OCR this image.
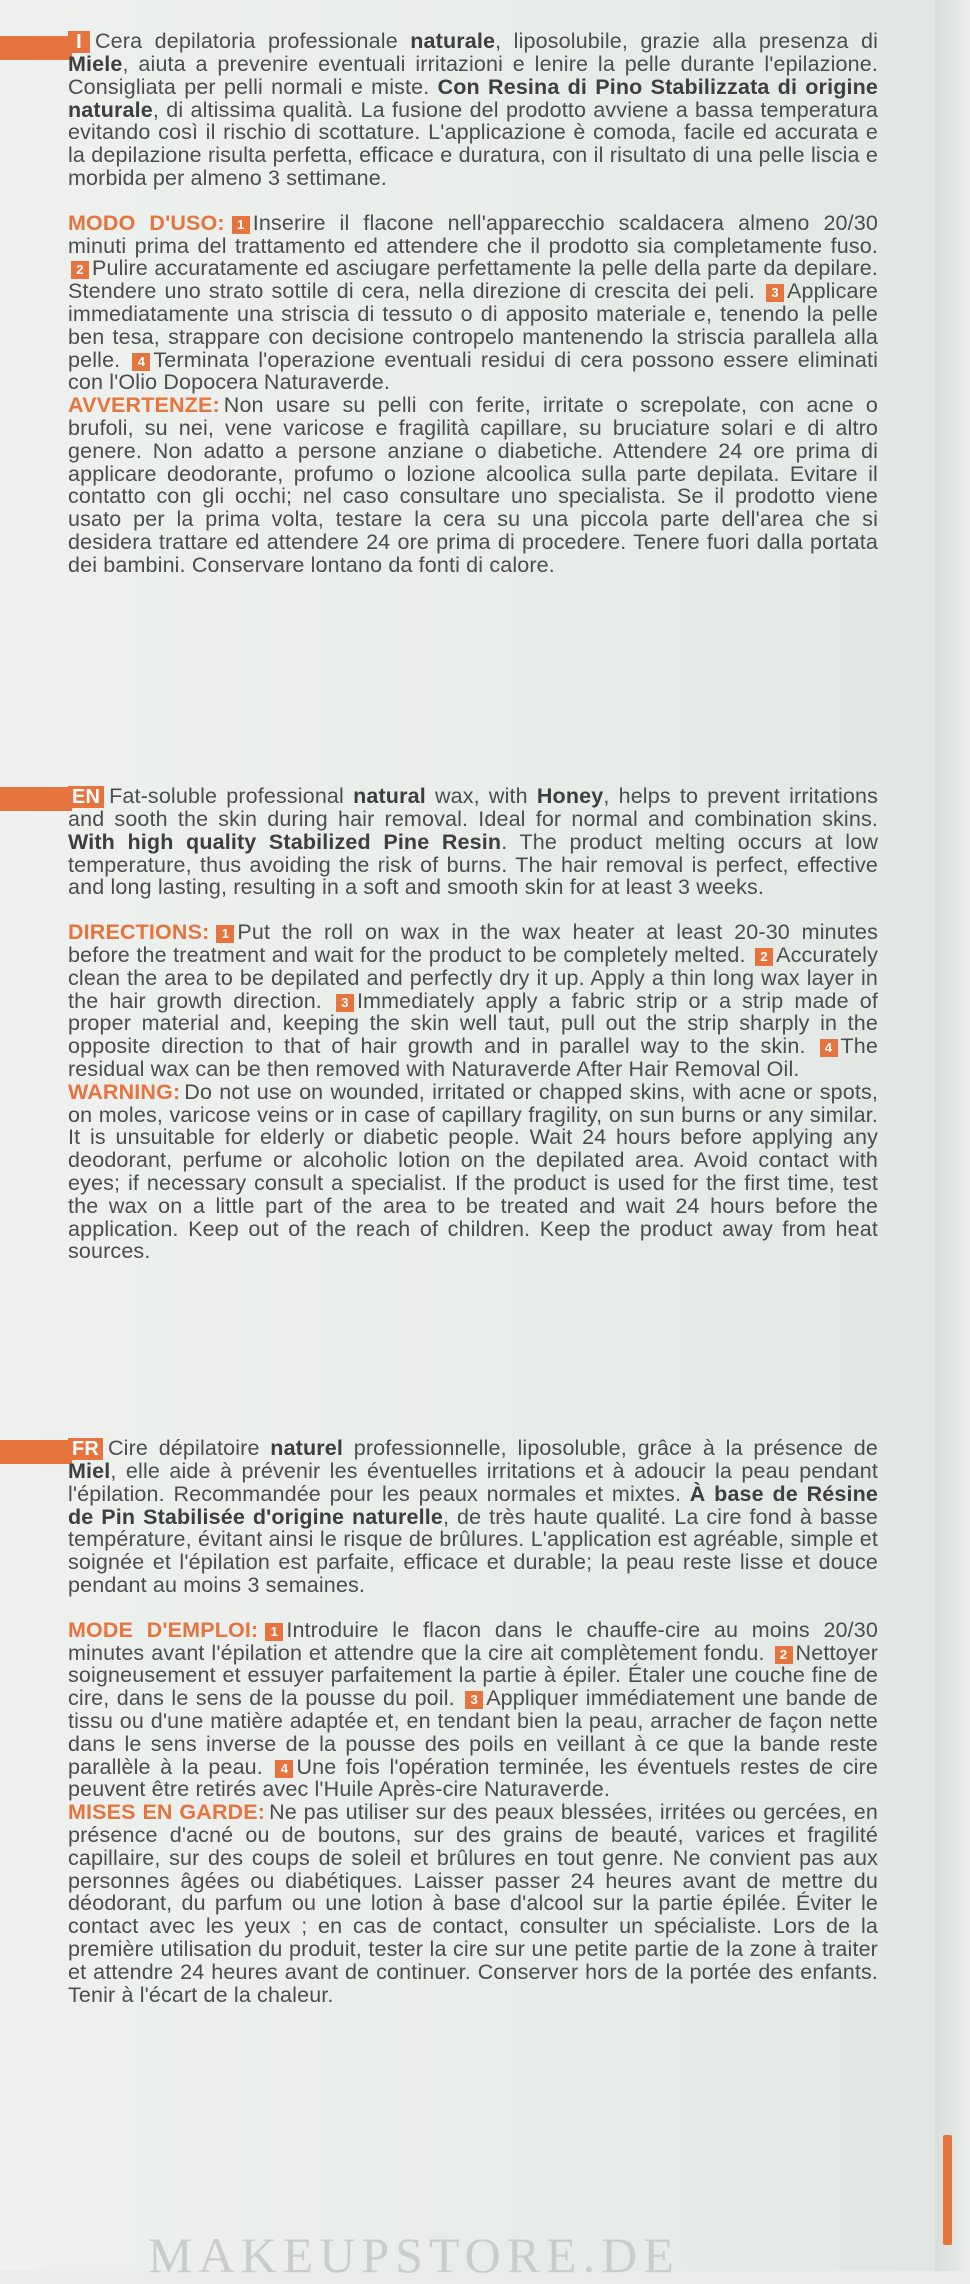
I Cera depilatoria professionale naturale, liposolubile, grazie alla presenza di Miele, aiuta a prevenire eventuali irritazioni e lenire la pelle durante l'epilazione. Consigliata per pelli normali e miste. Con Resina di Pino Stabilizzata di origine naturale, di altissima qualità. La fusione del prodotto avviene a bassa temperatura evitando così il rischio di scottature. L'applicazione è comoda, facile ed accurata e la depilazione risulta perfetta, efficace e duratura, con il risultato di una pelle liscia e morbida per almeno 3 settimane.

MODO D'USO: 1 Inserire il flacone nell'apparecchio scaldacera almeno 20/30 minuti prima del trattamento ed attendere che il prodotto sia completamente fuso. 2 Pulire accuratamente ed asciugare perfettamente la pelle della parte da depilare. Stendere uno strato sottile di cera, nella direzione di crescita dei peli. 3 Applicare immediatamente una striscia di tessuto o di apposito materiale e, tenendo la pelle ben tesa, strappare con decisione contropelo mantenendo la striscia parallela alla pelle. 4 Terminata l'operazione eventuali residui di cera possono essere eliminati con l'Olio Dopocera Naturaverde.

AVVERTENZE: Non usare su pelli con ferite, irritate o screpolate, con acne o brufoli, su nei, vene varicose e fragilità capillare, su bruciature solari e di altro genere. Non adatto a persone anziane o diabetiche. Attendere 24 ore prima di applicare deodorante, profumo o lozione alcoolica sulla parte depilata. Evitare il contatto con gli occhi; nel caso consultare uno specialista. Se il prodotto viene usato per la prima volta, testare la cera su una piccola parte dell'area che si desidera trattare ed attendere 24 ore prima di procedere. Tenere fuori dalla portata dei bambini. Conservare lontano da fonti di calore.

EN Fat-soluble professional natural wax, with Honey, helps to prevent irritations and sooth the skin during hair removal. Ideal for normal and combination skins. With high quality Stabilized Pine Resin. The product melting occurs at low temperature, thus avoiding the risk of burns. The hair removal is perfect, effective and long lasting, resulting in a soft and smooth skin for at least 3 weeks.

DIRECTIONS: 1 Put the roll on wax in the wax heater at least 20-30 minutes before the treatment and wait for the product to be completely melted. 2 Accurately clean the area to be depilated and perfectly dry it up. Apply a thin long wax layer in the hair growth direction. 3 Immediately apply a fabric strip or a strip made of proper material and, keeping the skin well taut, pull out the strip sharply in the opposite direction to that of hair growth and in parallel way to the skin. 4 The residual wax can be then removed with Naturaverde After Hair Removal Oil.

WARNING: Do not use on wounded, irritated or chapped skins, with acne or spots, on moles, varicose veins or in case of capillary fragility, on sun burns or any similar. It is unsuitable for elderly or diabetic people. Wait 24 hours before applying any deodorant, perfume or alcoholic lotion on the depilated area. Avoid contact with eyes; if necessary consult a specialist. If the product is used for the first time, test the wax on a little part of the area to be treated and wait 24 hours before the application. Keep out of the reach of children. Keep the product away from heat sources.

FR Cire dépilatoire naturel professionnelle, liposoluble, grâce à la présence de Miel, elle aide à prévenir les éventuelles irritations et à adoucir la peau pendant l'épilation. Recommandée pour les peaux normales et mixtes. À base de Résine de Pin Stabilisée d'origine naturelle, de très haute qualité. La cire fond à basse température, évitant ainsi le risque de brûlures. L'application est agréable, simple et soignée et l'épilation est parfaite, efficace et durable; la peau reste lisse et douce pendant au moins 3 semaines.

MODE D'EMPLOI: 1 Introduire le flacon dans le chauffe-cire au moins 20/30 minutes avant l'épilation et attendre que la cire ait complètement fondu. 2 Nettoyer soigneusement et essuyer parfaitement la partie à épiler. Étaler une couche fine de cire, dans le sens de la pousse du poil. 3 Appliquer immédiatement une bande de tissu ou d'une matière adaptée et, en tendant bien la peau, arracher de façon nette dans le sens inverse de la pousse des poils en veillant à ce que la bande reste parallèle à la peau. 4 Une fois l'opération terminée, les éventuels restes de cire peuvent être retirés avec l'Huile Après-cire Naturaverde.

MISES EN GARDE: Ne pas utiliser sur des peaux blessées, irritées ou gercées, en présence d'acné ou de boutons, sur des grains de beauté, varices et fragilité capillaire, sur des coups de soleil et brûlures en tout genre. Ne convient pas aux personnes âgées ou diabétiques. Laisser passer 24 heures avant de mettre du déodorant, du parfum ou une lotion à base d'alcool sur la partie épilée. Éviter le contact avec les yeux ; en cas de contact, consulter un spécialiste. Lors de la première utilisation du produit, tester la cire sur une petite partie de la zone à traiter et attendre 24 heures avant de continuer. Conserver hors de la portée des enfants. Tenir à l'écart de la chaleur.

MAKEUPSTORE.DE
